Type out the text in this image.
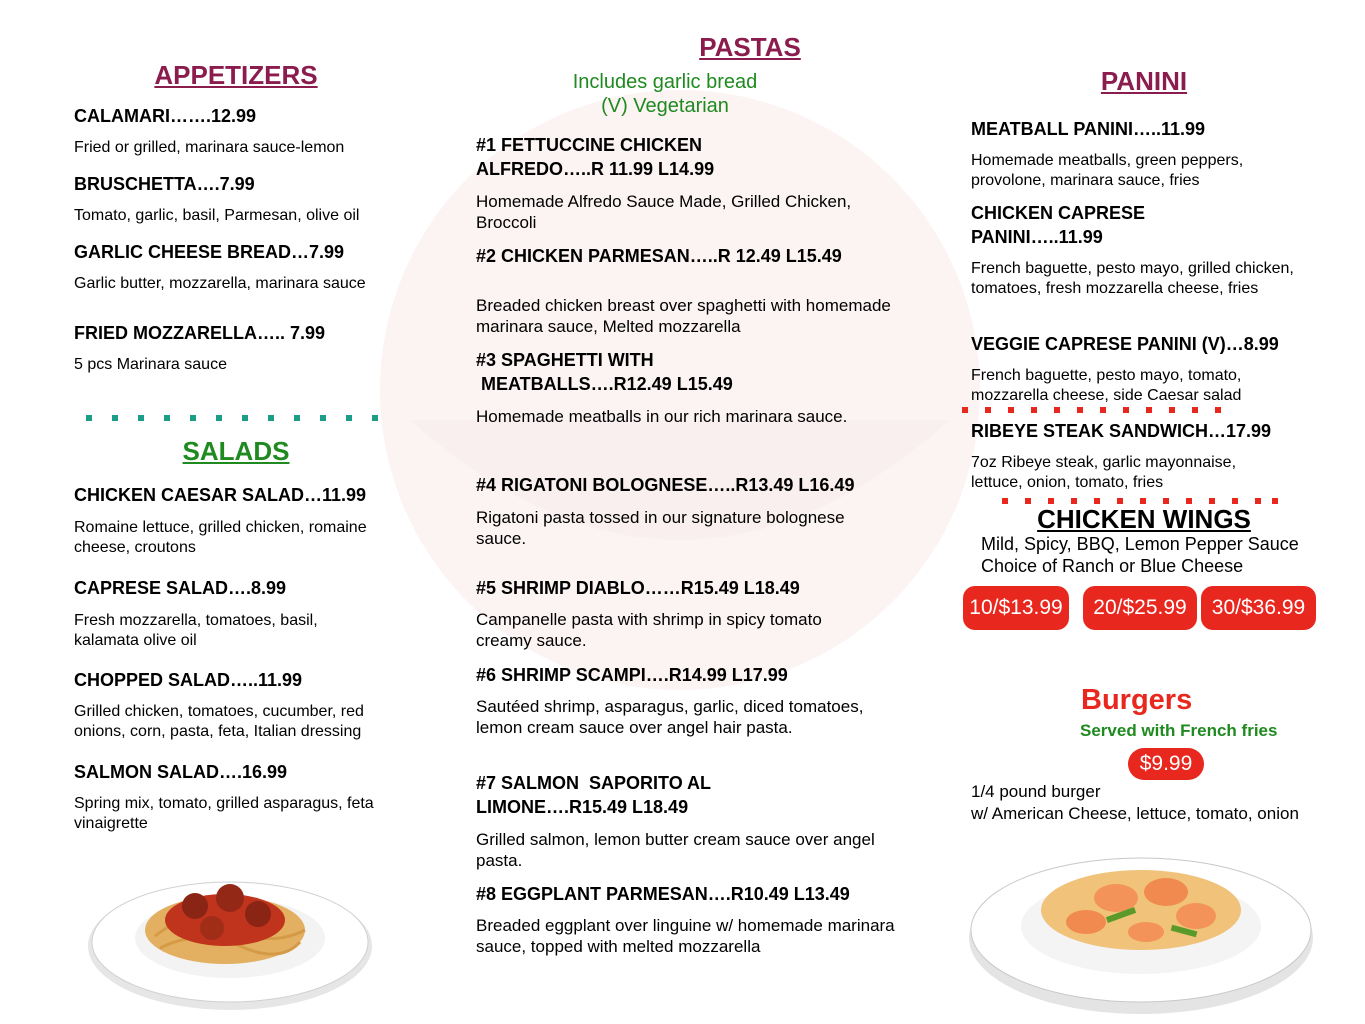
APPETIZERS
CALAMARI…….12.99
Fried or grilled, marinara sauce-lemon
BRUSCHETTA….7.99
Tomato, garlic, basil, Parmesan, olive oil
GARLIC CHEESE BREAD…7.99
Garlic butter, mozzarella, marinara sauce
FRIED MOZZARELLA….. 7.99
5 pcs Marinara sauce
SALADS
CHICKEN CAESAR SALAD…11.99
Romaine lettuce, grilled chicken, romaine cheese, croutons
CAPRESE SALAD….8.99
Fresh mozzarella, tomatoes, basil, kalamata olive oil
CHOPPED SALAD…..11.99
Grilled chicken, tomatoes, cucumber, red onions, corn, pasta, feta, Italian dressing
SALMON SALAD….16.99
Spring mix, tomato, grilled asparagus, feta vinaigrette
PASTAS
Includes garlic bread
(V) Vegetarian
#1 FETTUCCINE CHICKEN
ALFREDO…..R 11.99 L14.99
Homemade Alfredo Sauce Made, Grilled Chicken, Broccoli
#2 CHICKEN PARMESAN…..R 12.49 L15.49
Breaded chicken breast over spaghetti with homemade marinara sauce, Melted mozzarella
#3 SPAGHETTI WITH
MEATBALLS….R12.49 L15.49
Homemade meatballs in our rich marinara sauce.
#4 RIGATONI BOLOGNESE…..R13.49 L16.49
Rigatoni pasta tossed in our signature bolognese sauce.
#5 SHRIMP DIABLO……R15.49 L18.49
Campanelle pasta with shrimp in spicy tomato creamy sauce.
#6 SHRIMP SCAMPI….R14.99 L17.99
Sautéed shrimp, asparagus, garlic, diced tomatoes, lemon cream sauce over angel hair pasta.
#7 SALMON  SAPORITO AL
LIMONE….R15.49 L18.49
Grilled salmon, lemon butter cream sauce over angel pasta.
#8 EGGPLANT PARMESAN….R10.49 L13.49
Breaded eggplant over linguine w/ homemade marinara sauce, topped with melted mozzarella
PANINI
MEATBALL PANINI…..11.99
Homemade meatballs, green peppers, provolone, marinara sauce, fries
CHICKEN CAPRESE
PANINI…..11.99
French baguette, pesto mayo, grilled chicken, tomatoes, fresh mozzarella cheese, fries
VEGGIE CAPRESE PANINI (V)…8.99
French baguette, pesto mayo, tomato, mozzarella cheese, side Caesar salad
RIBEYE STEAK SANDWICH…17.99
7oz Ribeye steak, garlic mayonnaise, lettuce, onion, tomato, fries
CHICKEN WINGS
Mild, Spicy, BBQ, Lemon Pepper Sauce
Choice of Ranch or Blue Cheese
10/$13.99	20/$25.99	30/$36.99
Burgers
Served with French fries
$9.99
1/4 pound burger
w/ American Cheese, lettuce, tomato, onion
